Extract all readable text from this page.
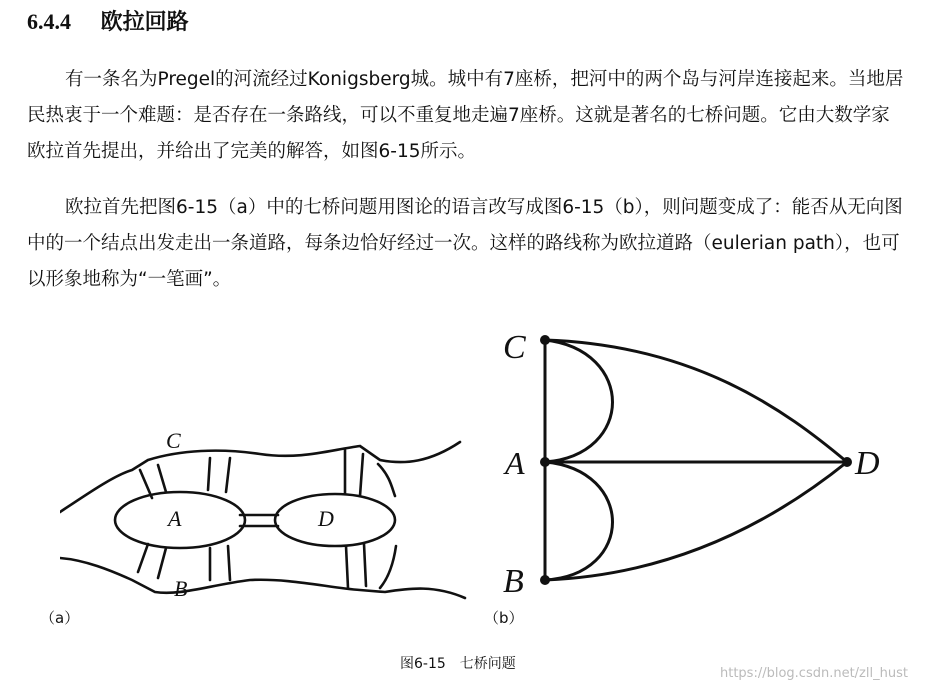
6.4.4 欧拉回路

有一条名为Pregel的河流经过Konigsberg城。城中有7座桥，把河中的两个岛与河岸连接起来。当地居民热衷于一个难题：是否存在一条路线，可以不重复地走遍7座桥。这就是著名的七桥问题。它由大数学家欧拉首先提出，并给出了完美的解答，如图6-15所示。

欧拉首先把图6-15（a）中的七桥问题用图论的语言改写成图6-15（b），则问题变成了：能否从无向图中的一个结点出发走出一条道路，每条边恰好经过一次。这样的路线称为欧拉道路（eulerian path），也可以形象地称为“一笔画”。

C
A	D
B
C
A
B
D
（a）	（b）
图6-15　七桥问题
https://blog.csdn.net/zll_hust
